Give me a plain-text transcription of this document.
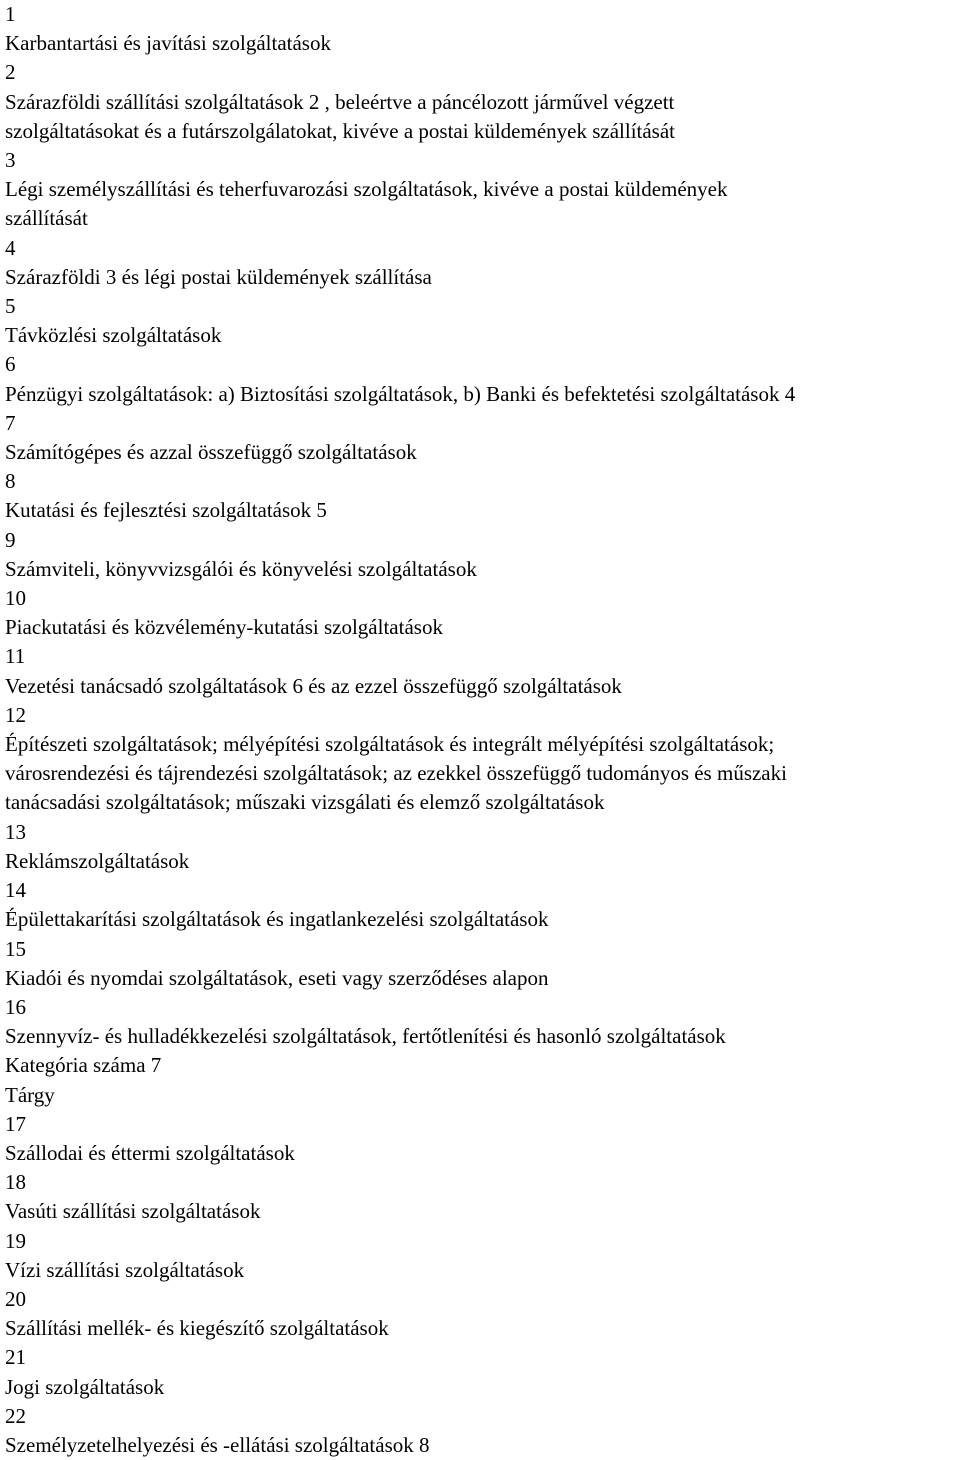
1
Karbantartási és javítási szolgáltatások
2
Szárazföldi szállítási szolgáltatások 2 , beleértve a páncélozott járművel végzett
szolgáltatásokat és a futárszolgálatokat, kivéve a postai küldemények szállítását
3
Légi személyszállítási és teherfuvarozási szolgáltatások, kivéve a postai küldemények
szállítását
4
Szárazföldi 3 és légi postai küldemények szállítása
5
Távközlési szolgáltatások
6
Pénzügyi szolgáltatások: a) Biztosítási szolgáltatások, b) Banki és befektetési szolgáltatások 4
7
Számítógépes és azzal összefüggő szolgáltatások
8
Kutatási és fejlesztési szolgáltatások 5
9
Számviteli, könyvvizsgálói és könyvelési szolgáltatások
10
Piackutatási és közvélemény-kutatási szolgáltatások
11
Vezetési tanácsadó szolgáltatások 6 és az ezzel összefüggő szolgáltatások
12
Építészeti szolgáltatások; mélyépítési szolgáltatások és integrált mélyépítési szolgáltatások;
városrendezési és tájrendezési szolgáltatások; az ezekkel összefüggő tudományos és műszaki
tanácsadási szolgáltatások; műszaki vizsgálati és elemző szolgáltatások
13
Reklámszolgáltatások
14
Épülettakarítási szolgáltatások és ingatlankezelési szolgáltatások
15
Kiadói és nyomdai szolgáltatások, eseti vagy szerződéses alapon
16
Szennyvíz- és hulladékkezelési szolgáltatások, fertőtlenítési és hasonló szolgáltatások
Kategória száma 7
Tárgy
17
Szállodai és éttermi szolgáltatások
18
Vasúti szállítási szolgáltatások
19
Vízi szállítási szolgáltatások
20
Szállítási mellék- és kiegészítő szolgáltatások
21
Jogi szolgáltatások
22
Személyzetelhelyezési és -ellátási szolgáltatások 8
